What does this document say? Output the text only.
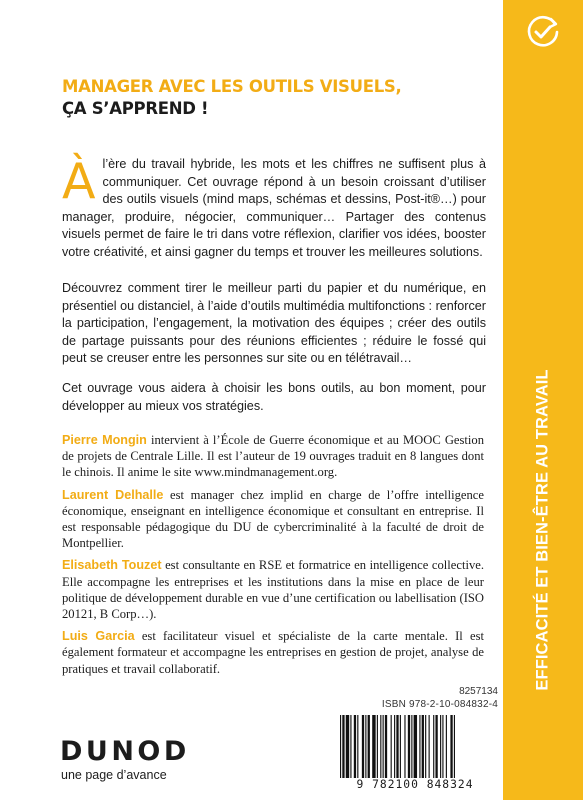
EFFICACITÉ ET BIEN-ÊTRE AU TRAVAIL
MANAGER AVEC LES OUTILS VISUELS,
ÇA S’APPREND !
À l’ère du travail hybride, les mots et les chiffres ne suffisent plus à communiquer. Cet ouvrage répond à un besoin croissant d’utiliser des outils visuels (mind maps, schémas et dessins, Post-it®…) pour manager, produire, négocier, communiquer… Partager des contenus visuels permet de faire le tri dans votre réflexion, clarifier vos idées, booster votre créativité, et ainsi gagner du temps et trouver les meilleures solutions.

Découvrez comment tirer le meilleur parti du papier et du numérique, en présentiel ou distanciel, à l’aide d’outils multimédia multifonctions : renforcer la participation, l’engagement, la motivation des équipes ; créer des outils de partage puissants pour des réunions efficientes ; réduire le fossé qui peut se creuser entre les personnes sur site ou en télétravail…

Cet ouvrage vous aidera à choisir les bons outils, au bon moment, pour développer au mieux vos stratégies.

Pierre Mongin intervient à l’École de Guerre économique et au MOOC Gestion de projets de Centrale Lille. Il est l’auteur de 19 ouvrages traduit en 8 langues dont le chinois. Il anime le site www.mindmanagement.org.

Laurent Delhalle est manager chez implid en charge de l’offre intelligence économique, enseignant en intelligence économique et consultant en entreprise. Il est responsable pédagogique du DU de cybercriminalité à la faculté de droit de Montpellier.

Elisabeth Touzet est consultante en RSE et formatrice en intelligence collective. Elle accompagne les entreprises et les institutions dans la mise en place de leur politique de développement durable en vue d’une certification ou labellisation (ISO 20121, B Corp…).

Luis Garcia est facilitateur visuel et spécialiste de la carte mentale. Il est également formateur et accompagne les entreprises en gestion de projet, analyse de pratiques et travail collaboratif.

8257134
ISBN 978-2-10-084832-4
9 782100 848324
DUNOD
une page d’avance
